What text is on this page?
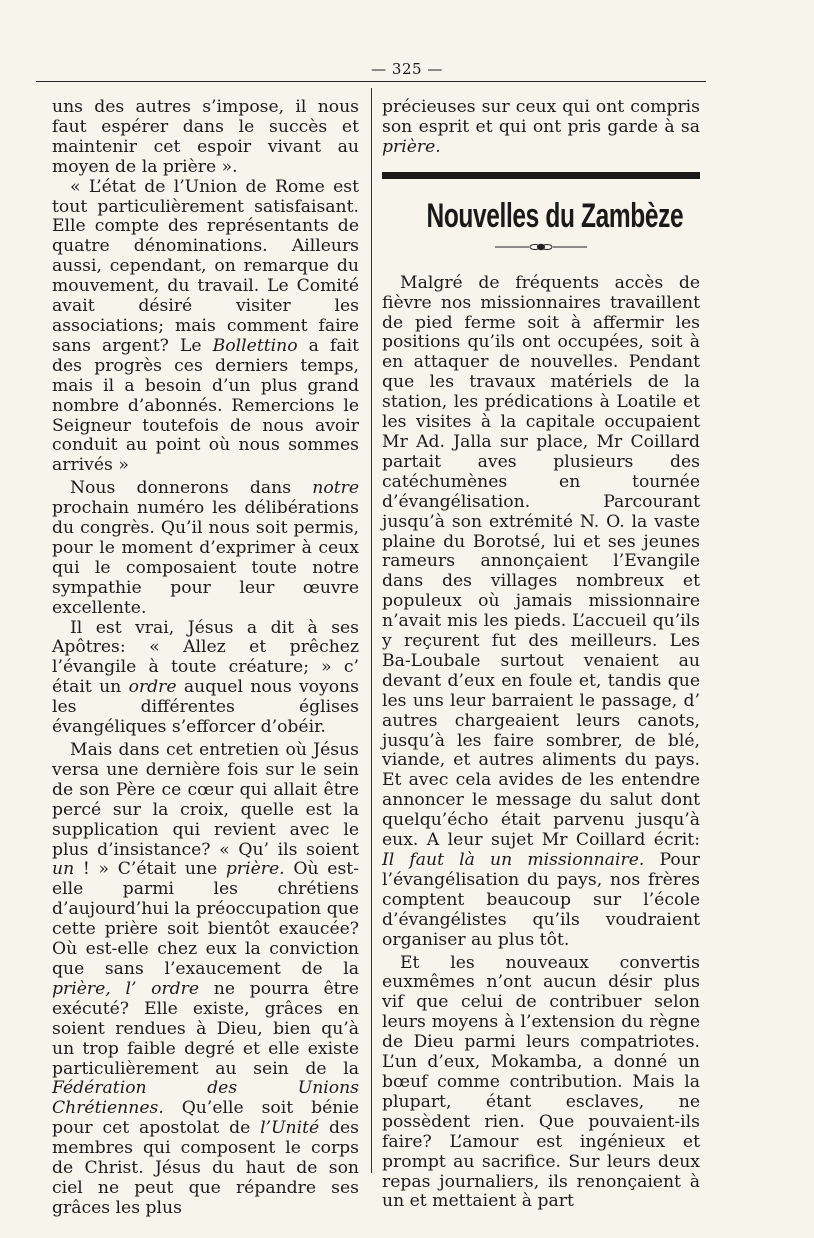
— 325 —

uns des autres s’impose, il nous faut espérer dans le succès et maintenir cet espoir vivant au moyen de la prière ».

« L’état de l’Union de Rome est tout particulièrement satisfaisant. Elle compte des représentants de quatre dénominations. Ailleurs aussi, cependant, on remarque du mouvement, du travail. Le Comité avait désiré visiter les associations; mais comment faire sans argent? Le Bollettino a fait des progrès ces derniers temps, mais il a besoin d’un plus grand nombre d’abonnés. Remercions le Seigneur toutefois de nous avoir conduit au point où nous sommes arrivés »

Nous donnerons dans notre prochain numéro les délibérations du congrès. Qu’il nous soit permis, pour le moment d’exprimer à ceux qui le composaient toute notre sympathie pour leur œuvre excellente.

Il est vrai, Jésus a dit à ses Apôtres: « Allez et prêchez l’évangile à toute créature; » c’ était un ordre auquel nous voyons les différentes églises évangéliques s’efforcer d’obéir.

Mais dans cet entretien où Jésus versa une dernière fois sur le sein de son Père ce cœur qui allait être percé sur la croix, quelle est la supplication qui revient avec le plus d’insistance? « Qu’ ils soient un ! » C’était une prière. Où est-elle parmi les chrétiens d’aujourd’hui la préoccupation que cette prière soit bientôt exaucée? Où est-elle chez eux la conviction que sans l’exaucement de la prière, l’ ordre ne pourra être exécuté? Elle existe, grâces en soient rendues à Dieu, bien qu’à un trop faible degré et elle existe particulièrement au sein de la Fédération des Unions Chrétiennes. Qu’elle soit bénie pour cet apostolat de l’Unité des membres qui composent le corps de Christ. Jésus du haut de son ciel ne peut que répandre ses grâces les plus

précieuses sur ceux qui ont compris son esprit et qui ont pris garde à sa prière.

Nouvelles du Zambèze

Malgré de fréquents accès de fièvre nos missionnaires travaillent de pied ferme soit à affermir les positions qu’ils ont occupées, soit à en attaquer de nouvelles. Pendant que les travaux matériels de la station, les prédications à Loatile et les visites à la capitale occupaient Mr Ad. Jalla sur place, Mr Coillard partait aves plusieurs des catéchumènes en tournée d’évangélisation. Parcourant jusqu’à son extrémité N. O. la vaste plaine du Borotsé, lui et ses jeunes rameurs annonçaient l’Evangile dans des villages nombreux et populeux où jamais missionnaire n’avait mis les pieds. L’accueil qu’ils y reçurent fut des meilleurs. Les Ba-Loubale surtout venaient au devant d’eux en foule et, tandis que les uns leur barraient le passage, d’ autres chargeaient leurs canots, jusqu’à les faire sombrer, de blé, viande, et autres aliments du pays. Et avec cela avides de les entendre annoncer le message du salut dont quelqu’écho était parvenu jusqu’à eux. A leur sujet Mr Coillard écrit: Il faut là un missionnaire. Pour l’évangélisation du pays, nos frères comptent beaucoup sur l’école d’évangélistes qu’ils voudraient organiser au plus tôt.

Et les nouveaux convertis euxmêmes n’ont aucun désir plus vif que celui de contribuer selon leurs moyens à l’extension du règne de Dieu parmi leurs compatriotes. L’un d’eux, Mokamba, a donné un bœuf comme contribution. Mais la plupart, étant esclaves, ne possèdent rien. Que pouvaient-ils faire? L’amour est ingénieux et prompt au sacrifice. Sur leurs deux repas journaliers, ils renonçaient à un et mettaient à part
